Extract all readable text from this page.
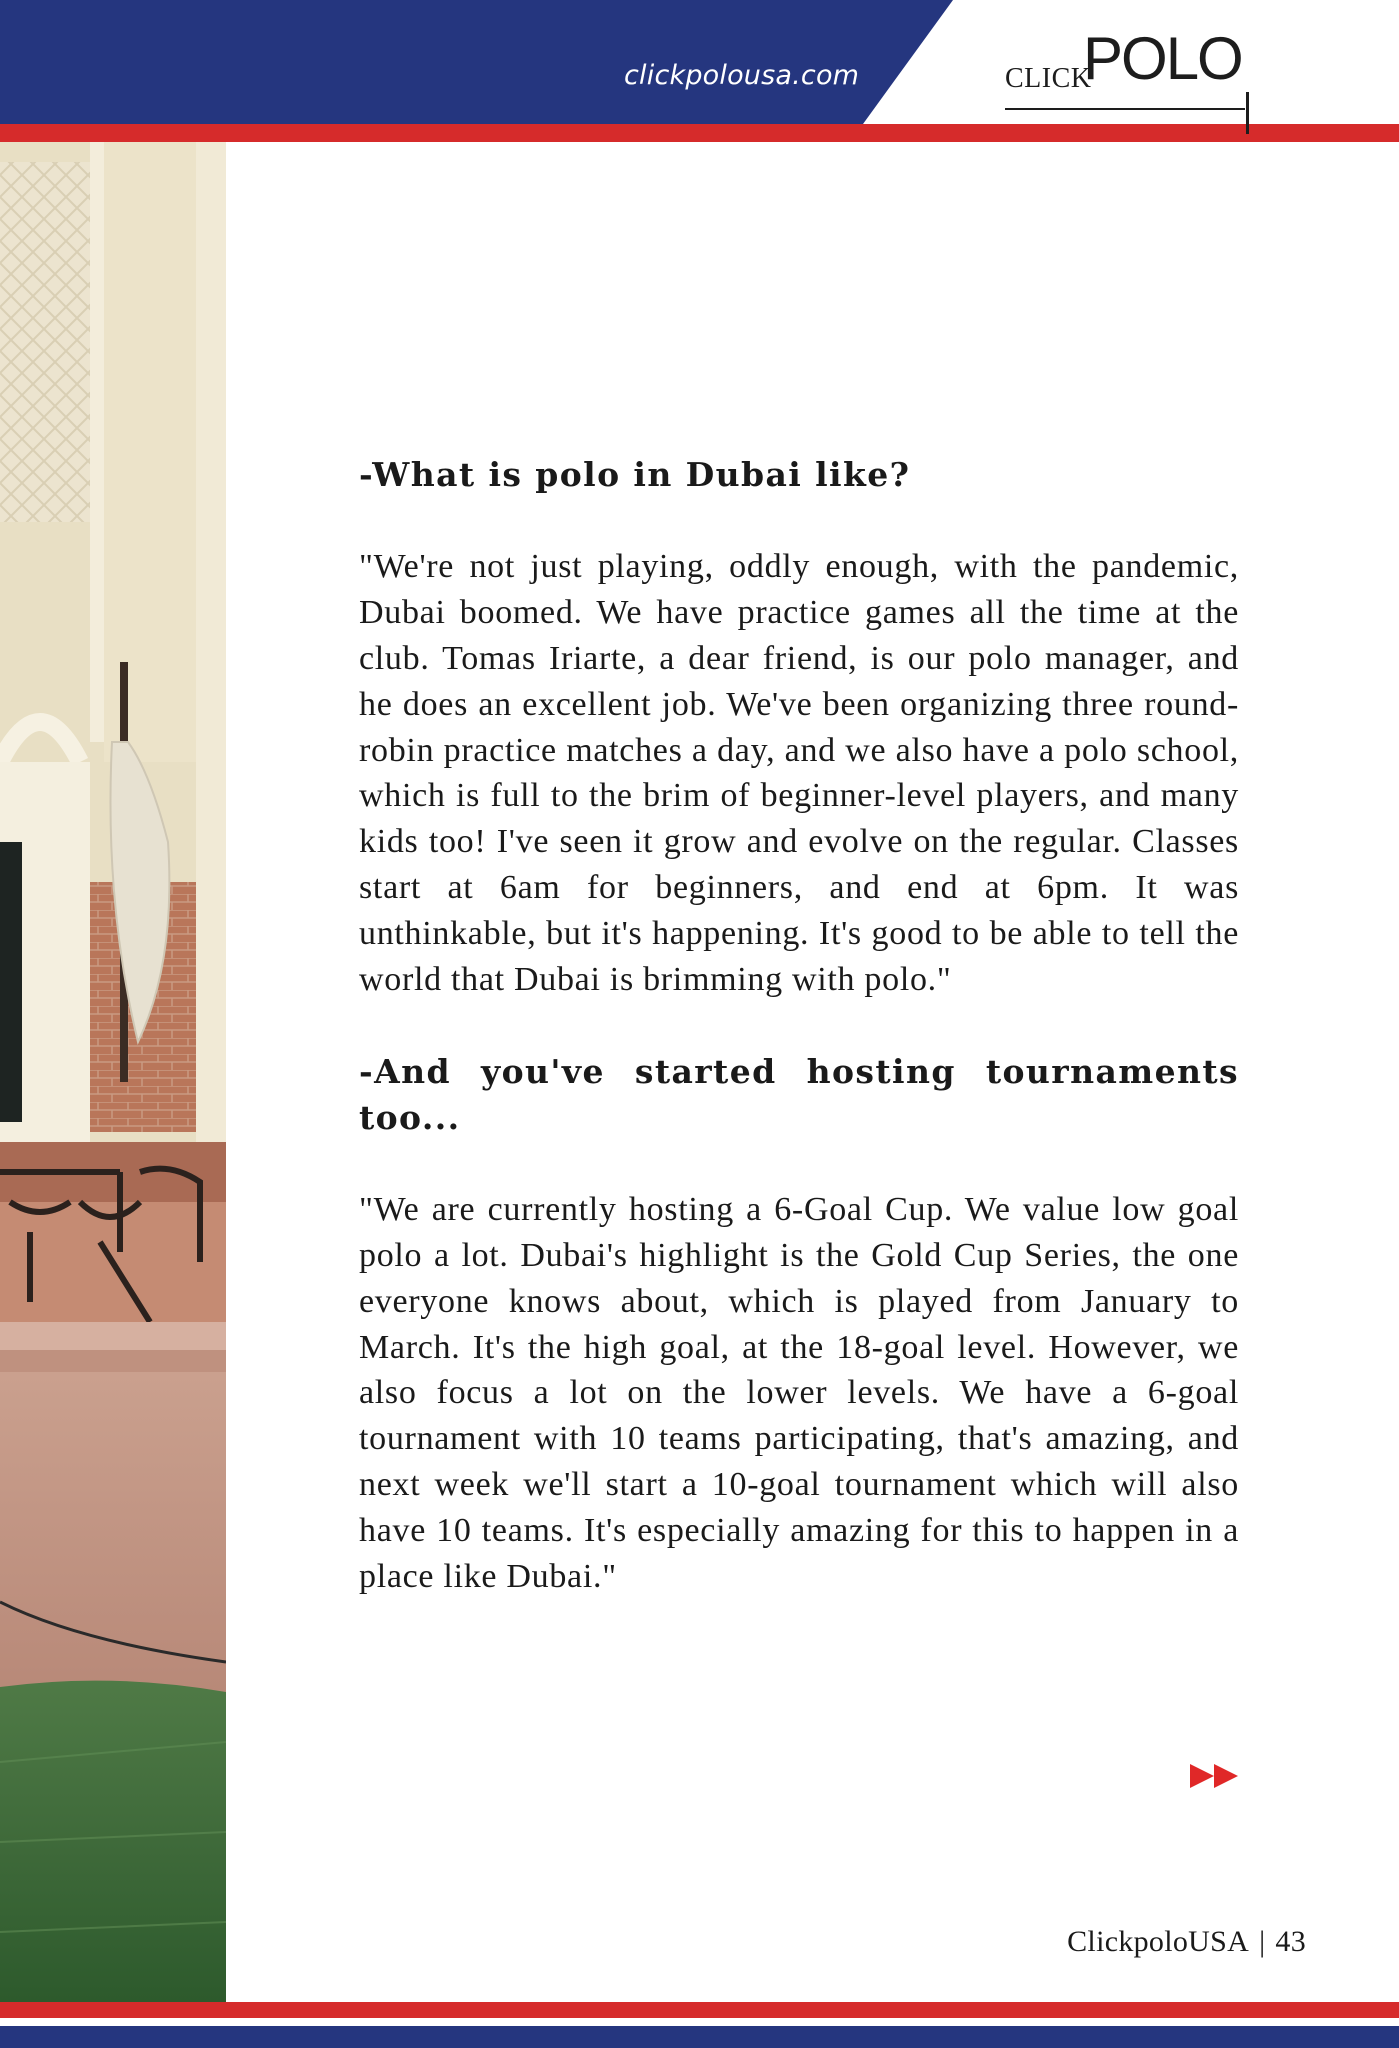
clickpolousa.com	CLICK
POLO
-What is polo in Dubai like?

"We're not just playing, oddly enough, with the pandemic, Dubai boomed. We have practice games all the time at the club. Tomas Iriarte, a dear friend, is our polo manager, and he does an excellent job. We've been organizing three round-robin practice matches a day, and we also have a polo school, which is full to the brim of beginner-level players, and many kids too! I've seen it grow and evolve on the regular. Classes start at 6am for beginners, and end at 6pm. It was unthinkable, but it's happening. It's good to be able to tell the world that Dubai is brimming with polo."

-And you've started hosting tournaments too...

"We are currently hosting a 6-Goal Cup. We value low goal polo a lot. Dubai's highlight is the Gold Cup Series, the one everyone knows about, which is played from January to March. It's the high goal, at the 18-goal level. However, we also focus a lot on the lower levels. We have a 6-goal tournament with 10 teams participating, that's amazing, and next week we'll start a 10-goal tournament which will also have 10 teams. It's especially amazing for this to happen in a place like Dubai."

ClickpoloUSA | 43
